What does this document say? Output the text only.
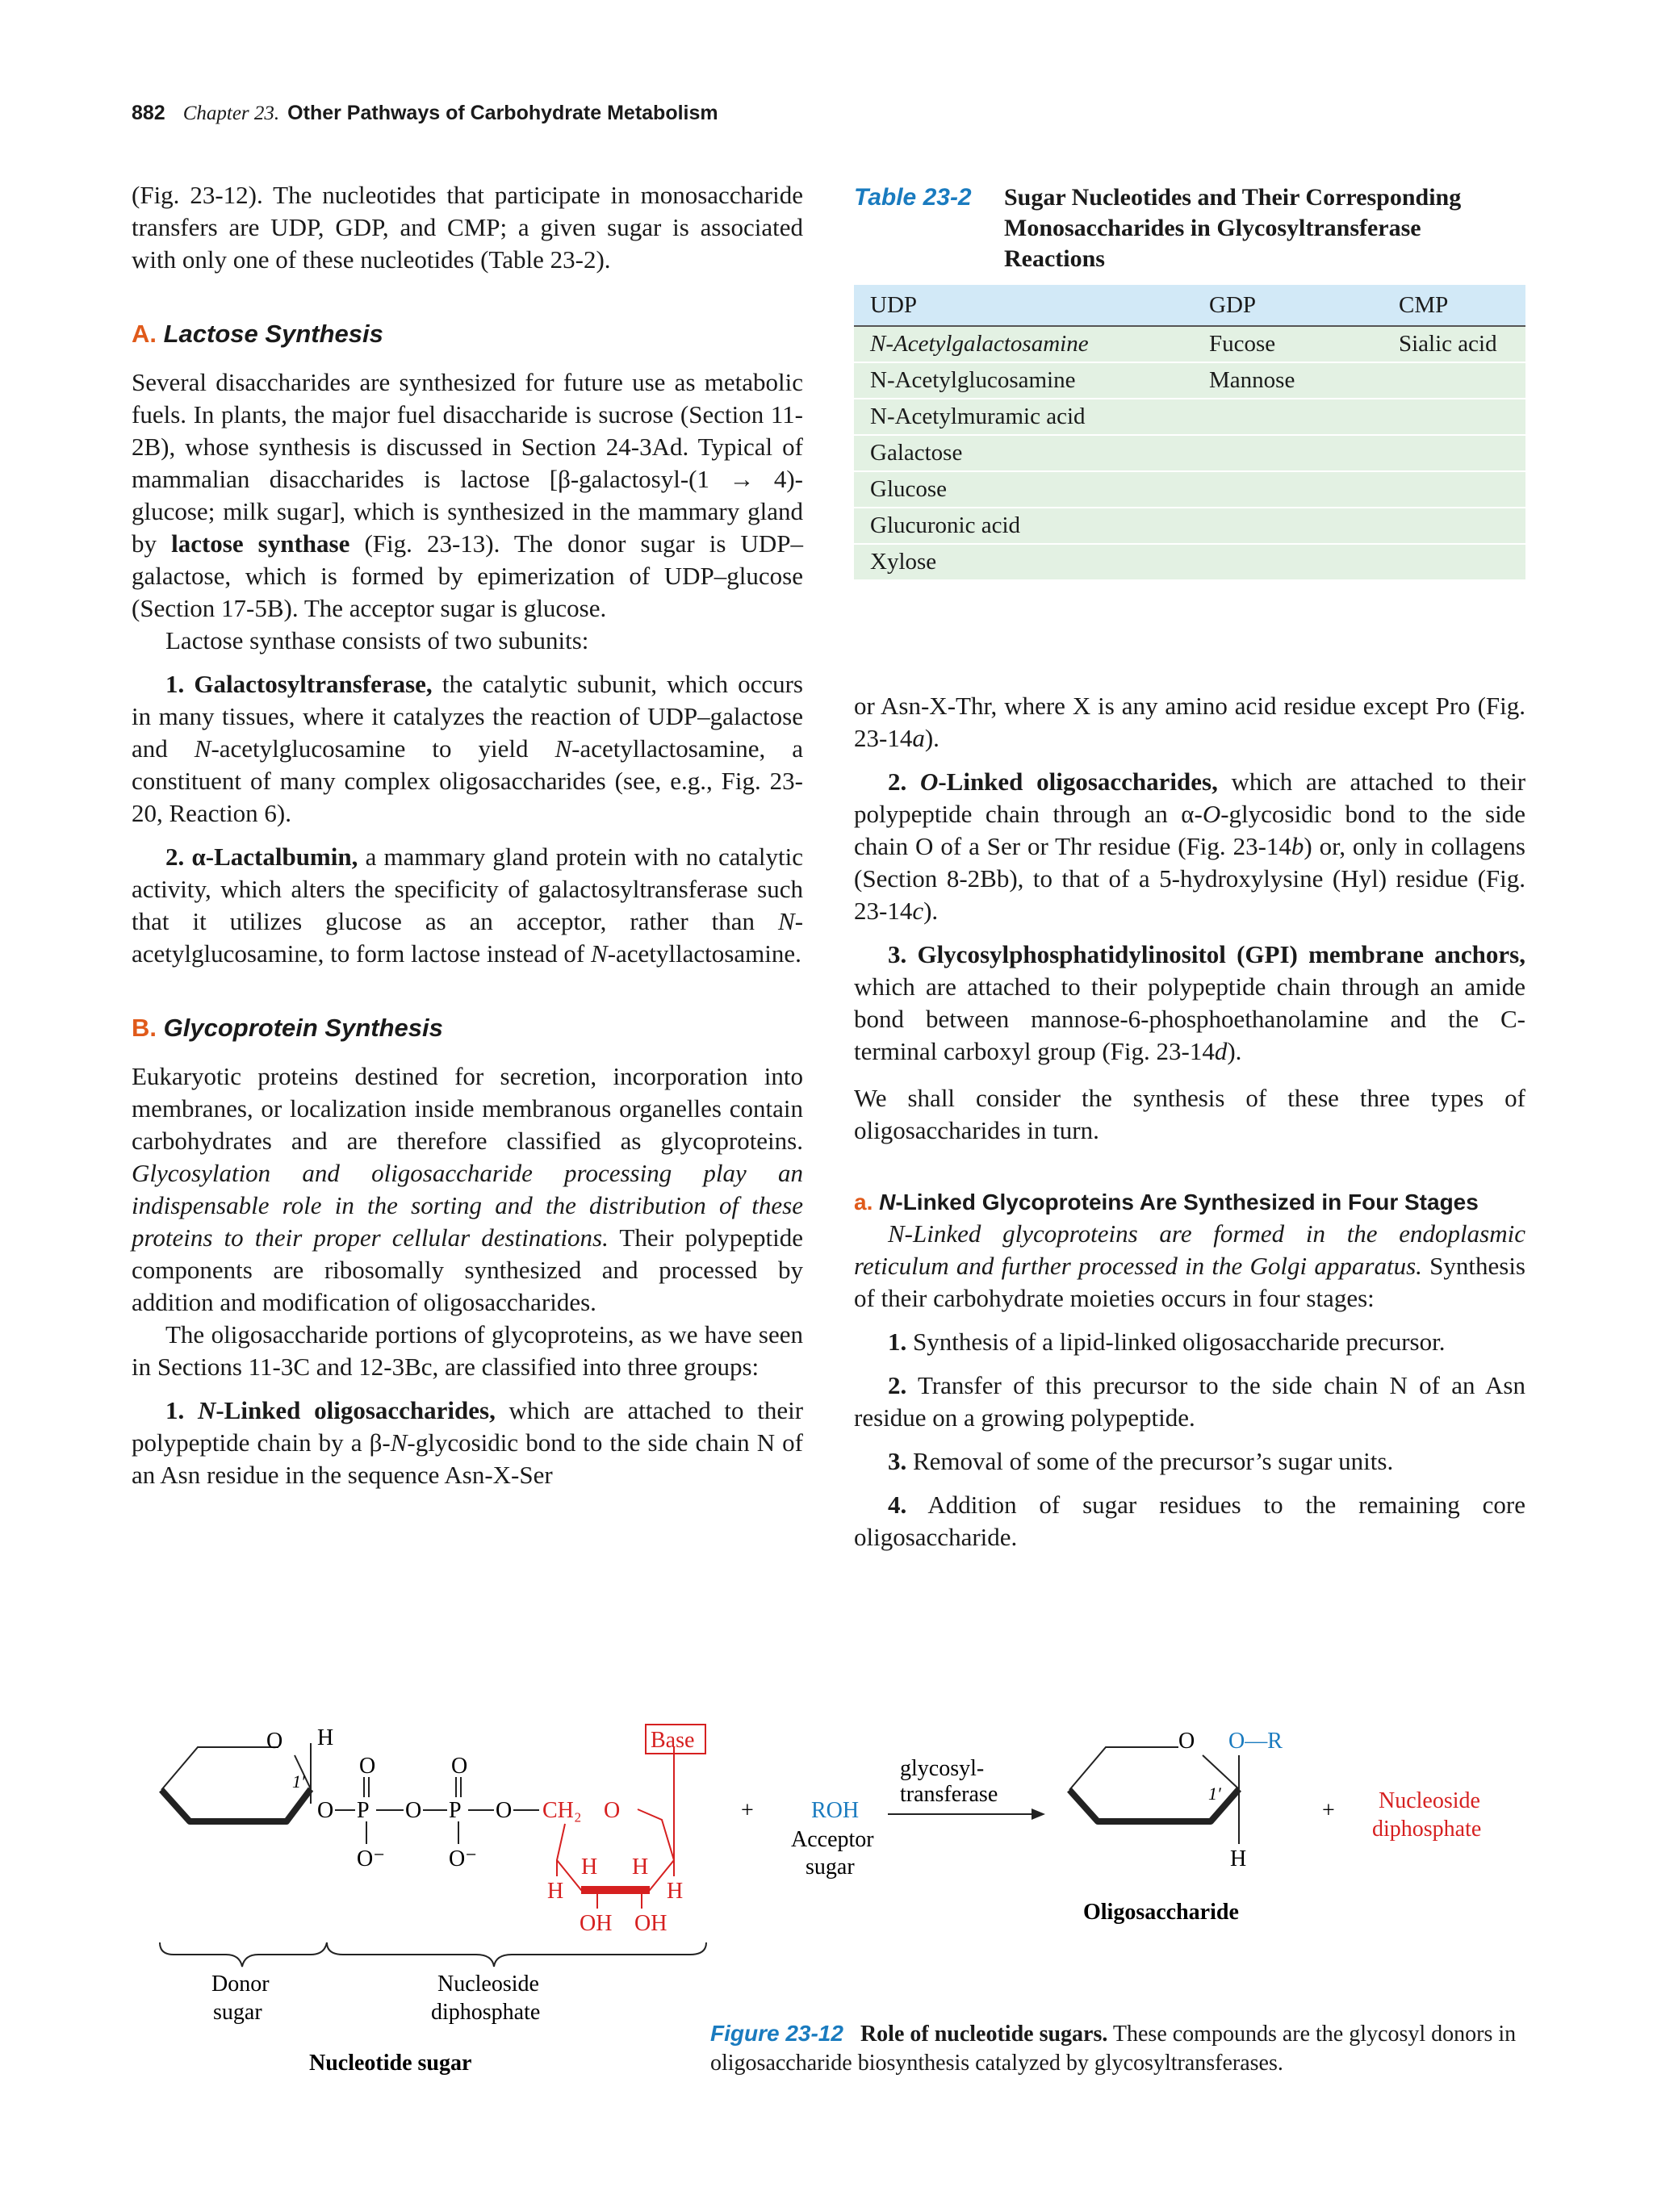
882 Chapter 23. Other Pathways of Carbohydrate Metabolism

(Fig. 23-12). The nucleotides that participate in monosaccharide transfers are UDP, GDP, and CMP; a given sugar is associated with only one of these nucleotides (Table 23-2).

A. Lactose Synthesis

Several disaccharides are synthesized for future use as metabolic fuels. In plants, the major fuel disaccharide is sucrose (Section 11-2B), whose synthesis is discussed in Section 24-3Ad. Typical of mammalian disaccharides is lactose [β-galactosyl-(1 → 4)-glucose; milk sugar], which is synthesized in the mammary gland by lactose synthase (Fig. 23-13). The donor sugar is UDP–galactose, which is formed by epimerization of UDP–glucose (Section 17-5B). The acceptor sugar is glucose.

Lactose synthase consists of two subunits:

1. Galactosyltransferase, the catalytic subunit, which occurs in many tissues, where it catalyzes the reaction of UDP–galactose and N-acetylglucosamine to yield N-acetyllactosamine, a constituent of many complex oligosaccharides (see, e.g., Fig. 23-20, Reaction 6).

2. α-Lactalbumin, a mammary gland protein with no catalytic activity, which alters the specificity of galactosyltransferase such that it utilizes glucose as an acceptor, rather than N-acetylglucosamine, to form lactose instead of N-acetyllactosamine.

B. Glycoprotein Synthesis

Eukaryotic proteins destined for secretion, incorporation into membranes, or localization inside membranous organelles contain carbohydrates and are therefore classified as glycoproteins. Glycosylation and oligosaccharide processing play an indispensable role in the sorting and the distribution of these proteins to their proper cellular destinations. Their polypeptide components are ribosomally synthesized and processed by addition and modification of oligosaccharides.

The oligosaccharide portions of glycoproteins, as we have seen in Sections 11-3C and 12-3Bc, are classified into three groups:

1. N-Linked oligosaccharides, which are attached to their polypeptide chain by a β-N-glycosidic bond to the side chain N of an Asn residue in the sequence Asn-X-Ser

Table 23-2 Sugar Nucleotides and Their Corresponding Monosaccharides in Glycosyltransferase Reactions
UDP	GDP	CMP
N-Acetylgalactosamine	Fucose	Sialic acid
N-Acetylglucosamine	Mannose	
N-Acetylmuramic acid		
Galactose		
Glucose		
Glucuronic acid		
Xylose		

or Asn-X-Thr, where X is any amino acid residue except Pro (Fig. 23-14a).

2. O-Linked oligosaccharides, which are attached to their polypeptide chain through an α-O-glycosidic bond to the side chain O of a Ser or Thr residue (Fig. 23-14b) or, only in collagens (Section 8-2Bb), to that of a 5-hydroxylysine (Hyl) residue (Fig. 23-14c).

3. Glycosylphosphatidylinositol (GPI) membrane anchors, which are attached to their polypeptide chain through an amide bond between mannose-6-phosphoethanolamine and the C-terminal carboxyl group (Fig. 23-14d).

We shall consider the synthesis of these three types of oligosaccharides in turn.

a. N-Linked Glycoproteins Are Synthesized in Four Stages

N-Linked glycoproteins are formed in the endoplasmic reticulum and further processed in the Golgi apparatus. Synthesis of their carbohydrate moieties occurs in four stages:

1. Synthesis of a lipid-linked oligosaccharide precursor.

2. Transfer of this precursor to the side chain N of an Asn residue on a growing polypeptide.

3. Removal of some of the precursor’s sugar units.

4. Addition of sugar residues to the remaining core oligosaccharide.

O H
1′
O P
O
O⁻
O P
O
O⁻
O CH₂ O
Base
H H
H	H
OH OH
+	ROH
Acceptor
sugar
glycosyl-
transferase
O O—R
1′
H
Oligosaccharide
+ Nucleoside
diphosphate
Donor
sugar
Nucleoside
diphosphate
Nucleotide sugar
Figure 23-12 Role of nucleotide sugars. These compounds are the glycosyl donors in oligosaccharide biosynthesis catalyzed by glycosyltransferases.
